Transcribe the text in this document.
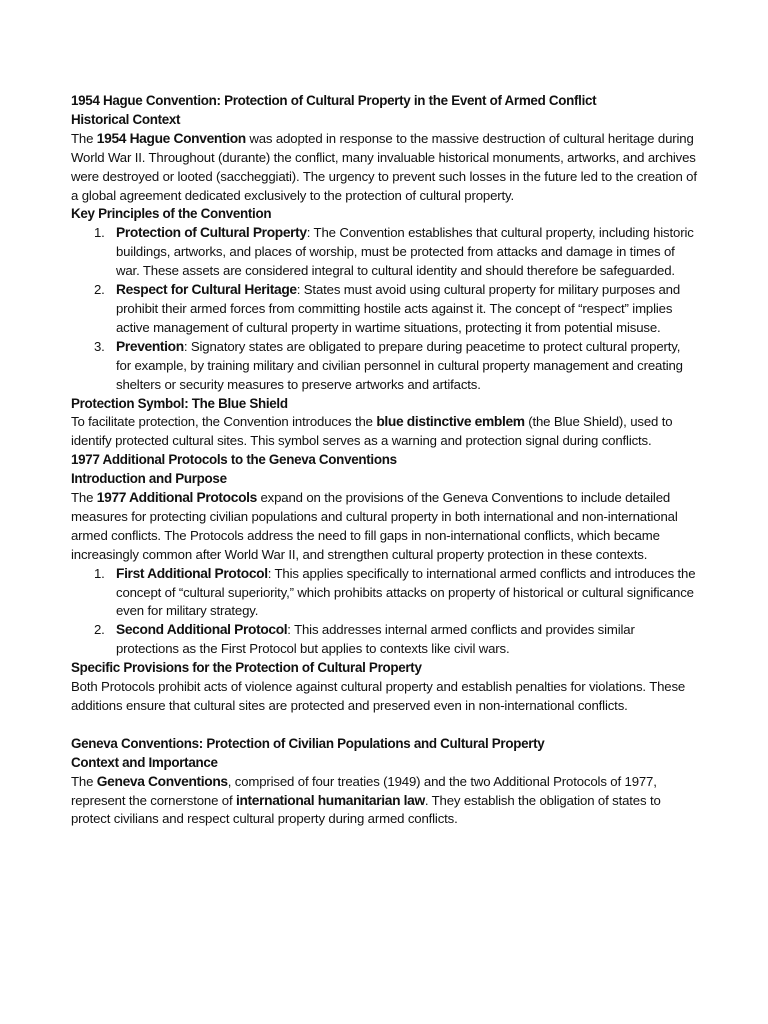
1954 Hague Convention: Protection of Cultural Property in the Event of Armed Conflict

Historical Context

The 1954 Hague Convention was adopted in response to the massive destruction of cultural heritage during World War II. Throughout (durante) the conflict, many invaluable historical monuments, artworks, and archives were destroyed or looted (saccheggiati). The urgency to prevent such losses in the future led to the creation of a global agreement dedicated exclusively to the protection of cultural property.

Key Principles of the Convention

1. Protection of Cultural Property: The Convention establishes that cultural property, including historic buildings, artworks, and places of worship, must be protected from attacks and damage in times of war. These assets are considered integral to cultural identity and should therefore be safeguarded.
2. Respect for Cultural Heritage: States must avoid using cultural property for military purposes and prohibit their armed forces from committing hostile acts against it. The concept of “respect” implies active management of cultural property in wartime situations, protecting it from potential misuse.
3. Prevention: Signatory states are obligated to prepare during peacetime to protect cultural property, for example, by training military and civilian personnel in cultural property management and creating shelters or security measures to preserve artworks and artifacts.

Protection Symbol: The Blue Shield

To facilitate protection, the Convention introduces the blue distinctive emblem (the Blue Shield), used to identify protected cultural sites. This symbol serves as a warning and protection signal during conflicts.

1977 Additional Protocols to the Geneva Conventions

Introduction and Purpose

The 1977 Additional Protocols expand on the provisions of the Geneva Conventions to include detailed measures for protecting civilian populations and cultural property in both international and non-international armed conflicts. The Protocols address the need to fill gaps in non-international conflicts, which became increasingly common after World War II, and strengthen cultural property protection in these contexts.

1. First Additional Protocol: This applies specifically to international armed conflicts and introduces the concept of “cultural superiority,” which prohibits attacks on property of historical or cultural significance even for military strategy.
2. Second Additional Protocol: This addresses internal armed conflicts and provides similar protections as the First Protocol but applies to contexts like civil wars.

Specific Provisions for the Protection of Cultural Property

Both Protocols prohibit acts of violence against cultural property and establish penalties for violations. These additions ensure that cultural sites are protected and preserved even in non-international conflicts.

Geneva Conventions: Protection of Civilian Populations and Cultural Property

Context and Importance

The Geneva Conventions, comprised of four treaties (1949) and the two Additional Protocols of 1977, represent the cornerstone of international humanitarian law. They establish the obligation of states to protect civilians and respect cultural property during armed conflicts.
